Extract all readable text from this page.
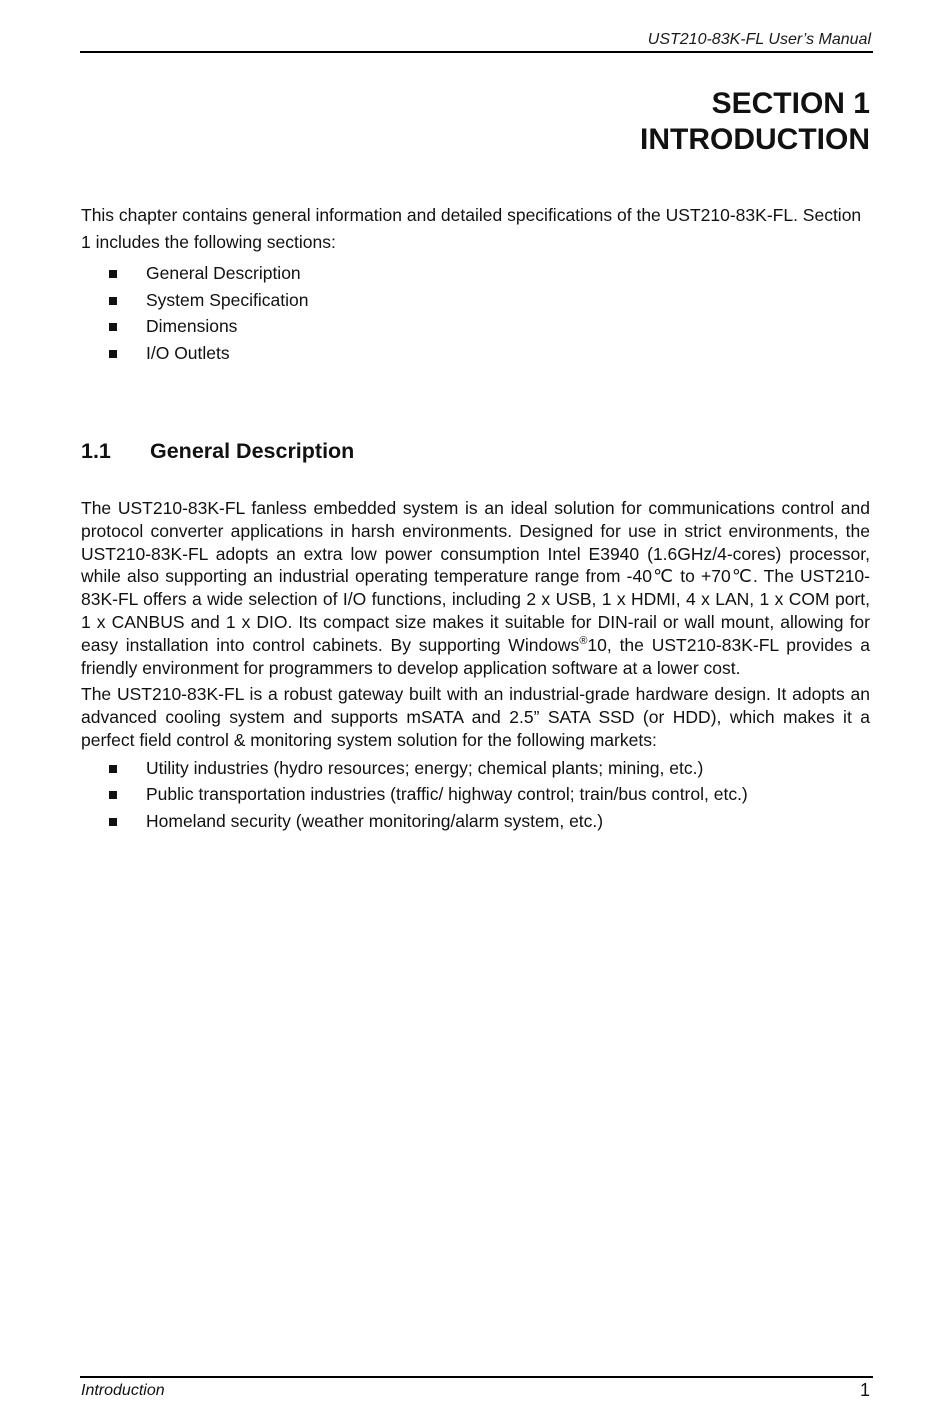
UST210-83K-FL User’s Manual
SECTION 1
INTRODUCTION

This chapter contains general information and detailed specifications of the UST210-83K-FL. Section 1 includes the following sections:

General Description
System Specification
Dimensions
I/O Outlets
1.1 General Description

The UST210-83K-FL fanless embedded system is an ideal solution for communications control and protocol converter applications in harsh environments. Designed for use in strict environments, the UST210-83K-FL adopts an extra low power consumption Intel E3940 (1.6GHz/4-cores) processor, while also supporting an industrial operating temperature range from -40℃ to +70℃. The UST210-83K-FL offers a wide selection of I/O functions, including 2 x USB, 1 x HDMI, 4 x LAN, 1 x COM port, 1 x CANBUS and 1 x DIO. Its compact size makes it suitable for DIN-rail or wall mount, allowing for easy installation into control cabinets. By supporting Windows®10, the UST210-83K-FL provides a friendly environment for programmers to develop application software at a lower cost.

The UST210-83K-FL is a robust gateway built with an industrial-grade hardware design. It adopts an advanced cooling system and supports mSATA and 2.5” SATA SSD (or HDD), which makes it a perfect field control & monitoring system solution for the following markets:

Utility industries (hydro resources; energy; chemical plants; mining, etc.)
Public transportation industries (traffic/ highway control; train/bus control, etc.)
Homeland security (weather monitoring/alarm system, etc.)
Introduction	1
